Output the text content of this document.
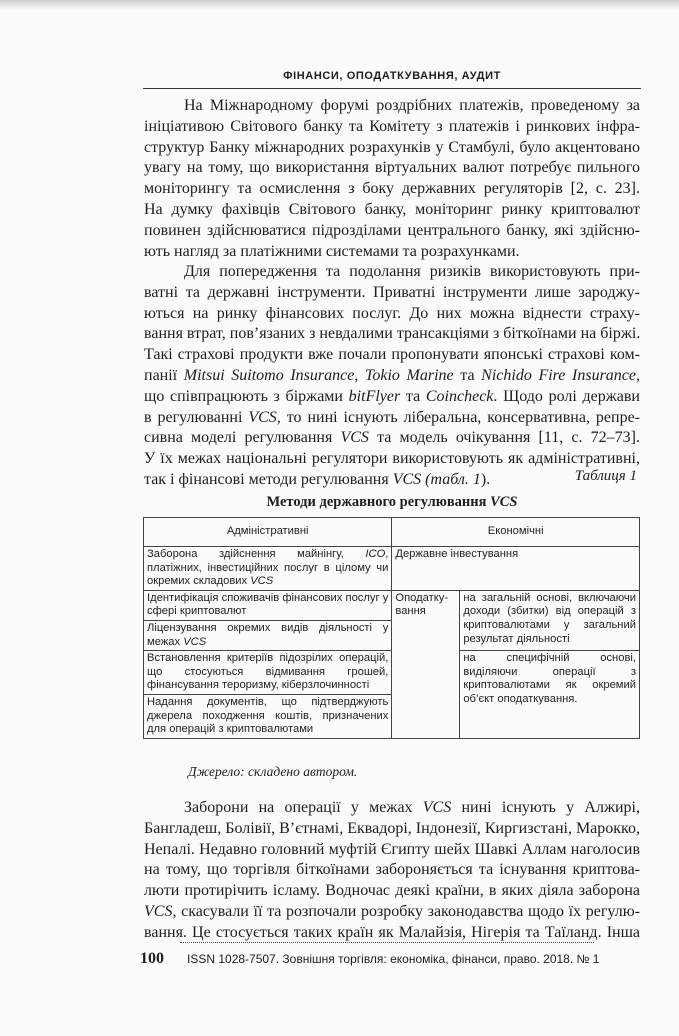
ФІНАНСИ, ОПОДАТКУВАННЯ, АУДИТ

На Міжнародному форумі роздрібних платежів, проведеному за
ініціативою Світового банку та Комітету з платежів і ринкових інфра-
структур Банку міжнародних розрахунків у Стамбулі, було акцентовано
увагу на тому, що використання віртуальних валют потребує пильного
моніторингу та осмислення з боку державних регуляторів [2, с. 23].
На думку фахівців Світового банку, моніторинг ринку криптовалют
повинен здійснюватися підрозділами центрального банку, які здійсню-
ють нагляд за платіжними системами та розрахунками.

Для попередження та подолання ризиків використовують при-
ватні та державні інструменти. Приватні інструменти лише зароджу-
ються на ринку фінансових послуг. До них можна віднести страху-
вання втрат, пов’язаних з невдалими трансакціями з біткоїнами на біржі.
Такі страхові продукти вже почали пропонувати японські страхові ком-
панії Mitsui Suitomo Insurance, Tokio Marine та Nichido Fire Insurance,
що співпрацюють з біржами bitFlyer та Coincheck. Щодо ролі держави
в регулюванні VCS, то нині існують ліберальна, консервативна, репре-
сивна моделі регулювання VCS та модель очікування [11, с. 72–73].
У їх межах національні регулятори використовують як адміністративні,
так і фінансові методи регулювання VCS (табл. 1).	Таблиця 1
Методи державного регулювання VCS
Адміністративні	Економічні	
Заборона здійснення майнінгу, ICO, платіжних, інвестиційних послуг в цілому чи окремих складових VCS	Державне інвестування	
Ідентифікація споживачів фінансових послуг у сфері криптовалют	Оподатку-вання	на загальній основі, включаючи доходи (збитки) від операцій з криптовалютами у загальний результат діяльності
Ліцензування окремих видів діяльності у межах VCS		
Встановлення критеріїв підозрілих операцій, що стосуються відмивання грошей, фінансування тероризму, кіберзлочинності		на специфічній основі, виділяючи операції з криптовалютами як окремий об’єкт оподаткування.
Надання документів, що підтверджують джерела походження коштів, призначених для операцій з криптовалютами		
Джерело: складено автором.

Заборони на операції у межах VCS нині існують у Алжирі,
Бангладеш, Болівії, В’єтнамі, Еквадорі, Індонезії, Киргизстані, Марокко,
Непалі. Недавно головний муфтій Єгипту шейх Шавкі Аллам наголосив
на тому, що торгівля біткоїнами забороняється та існування криптова-
люти протирічить ісламу. Водночас деякі країни, в яких діяла заборона
VCS, скасували її та розпочали розробку законодавства щодо їх регулю-
вання. Це стосується таких країн як Малайзія, Нігерія та Таїланд. Інша

100 ISSN 1028-7507. Зовнішня торгівля: економіка, фінанси, право. 2018. № 1
